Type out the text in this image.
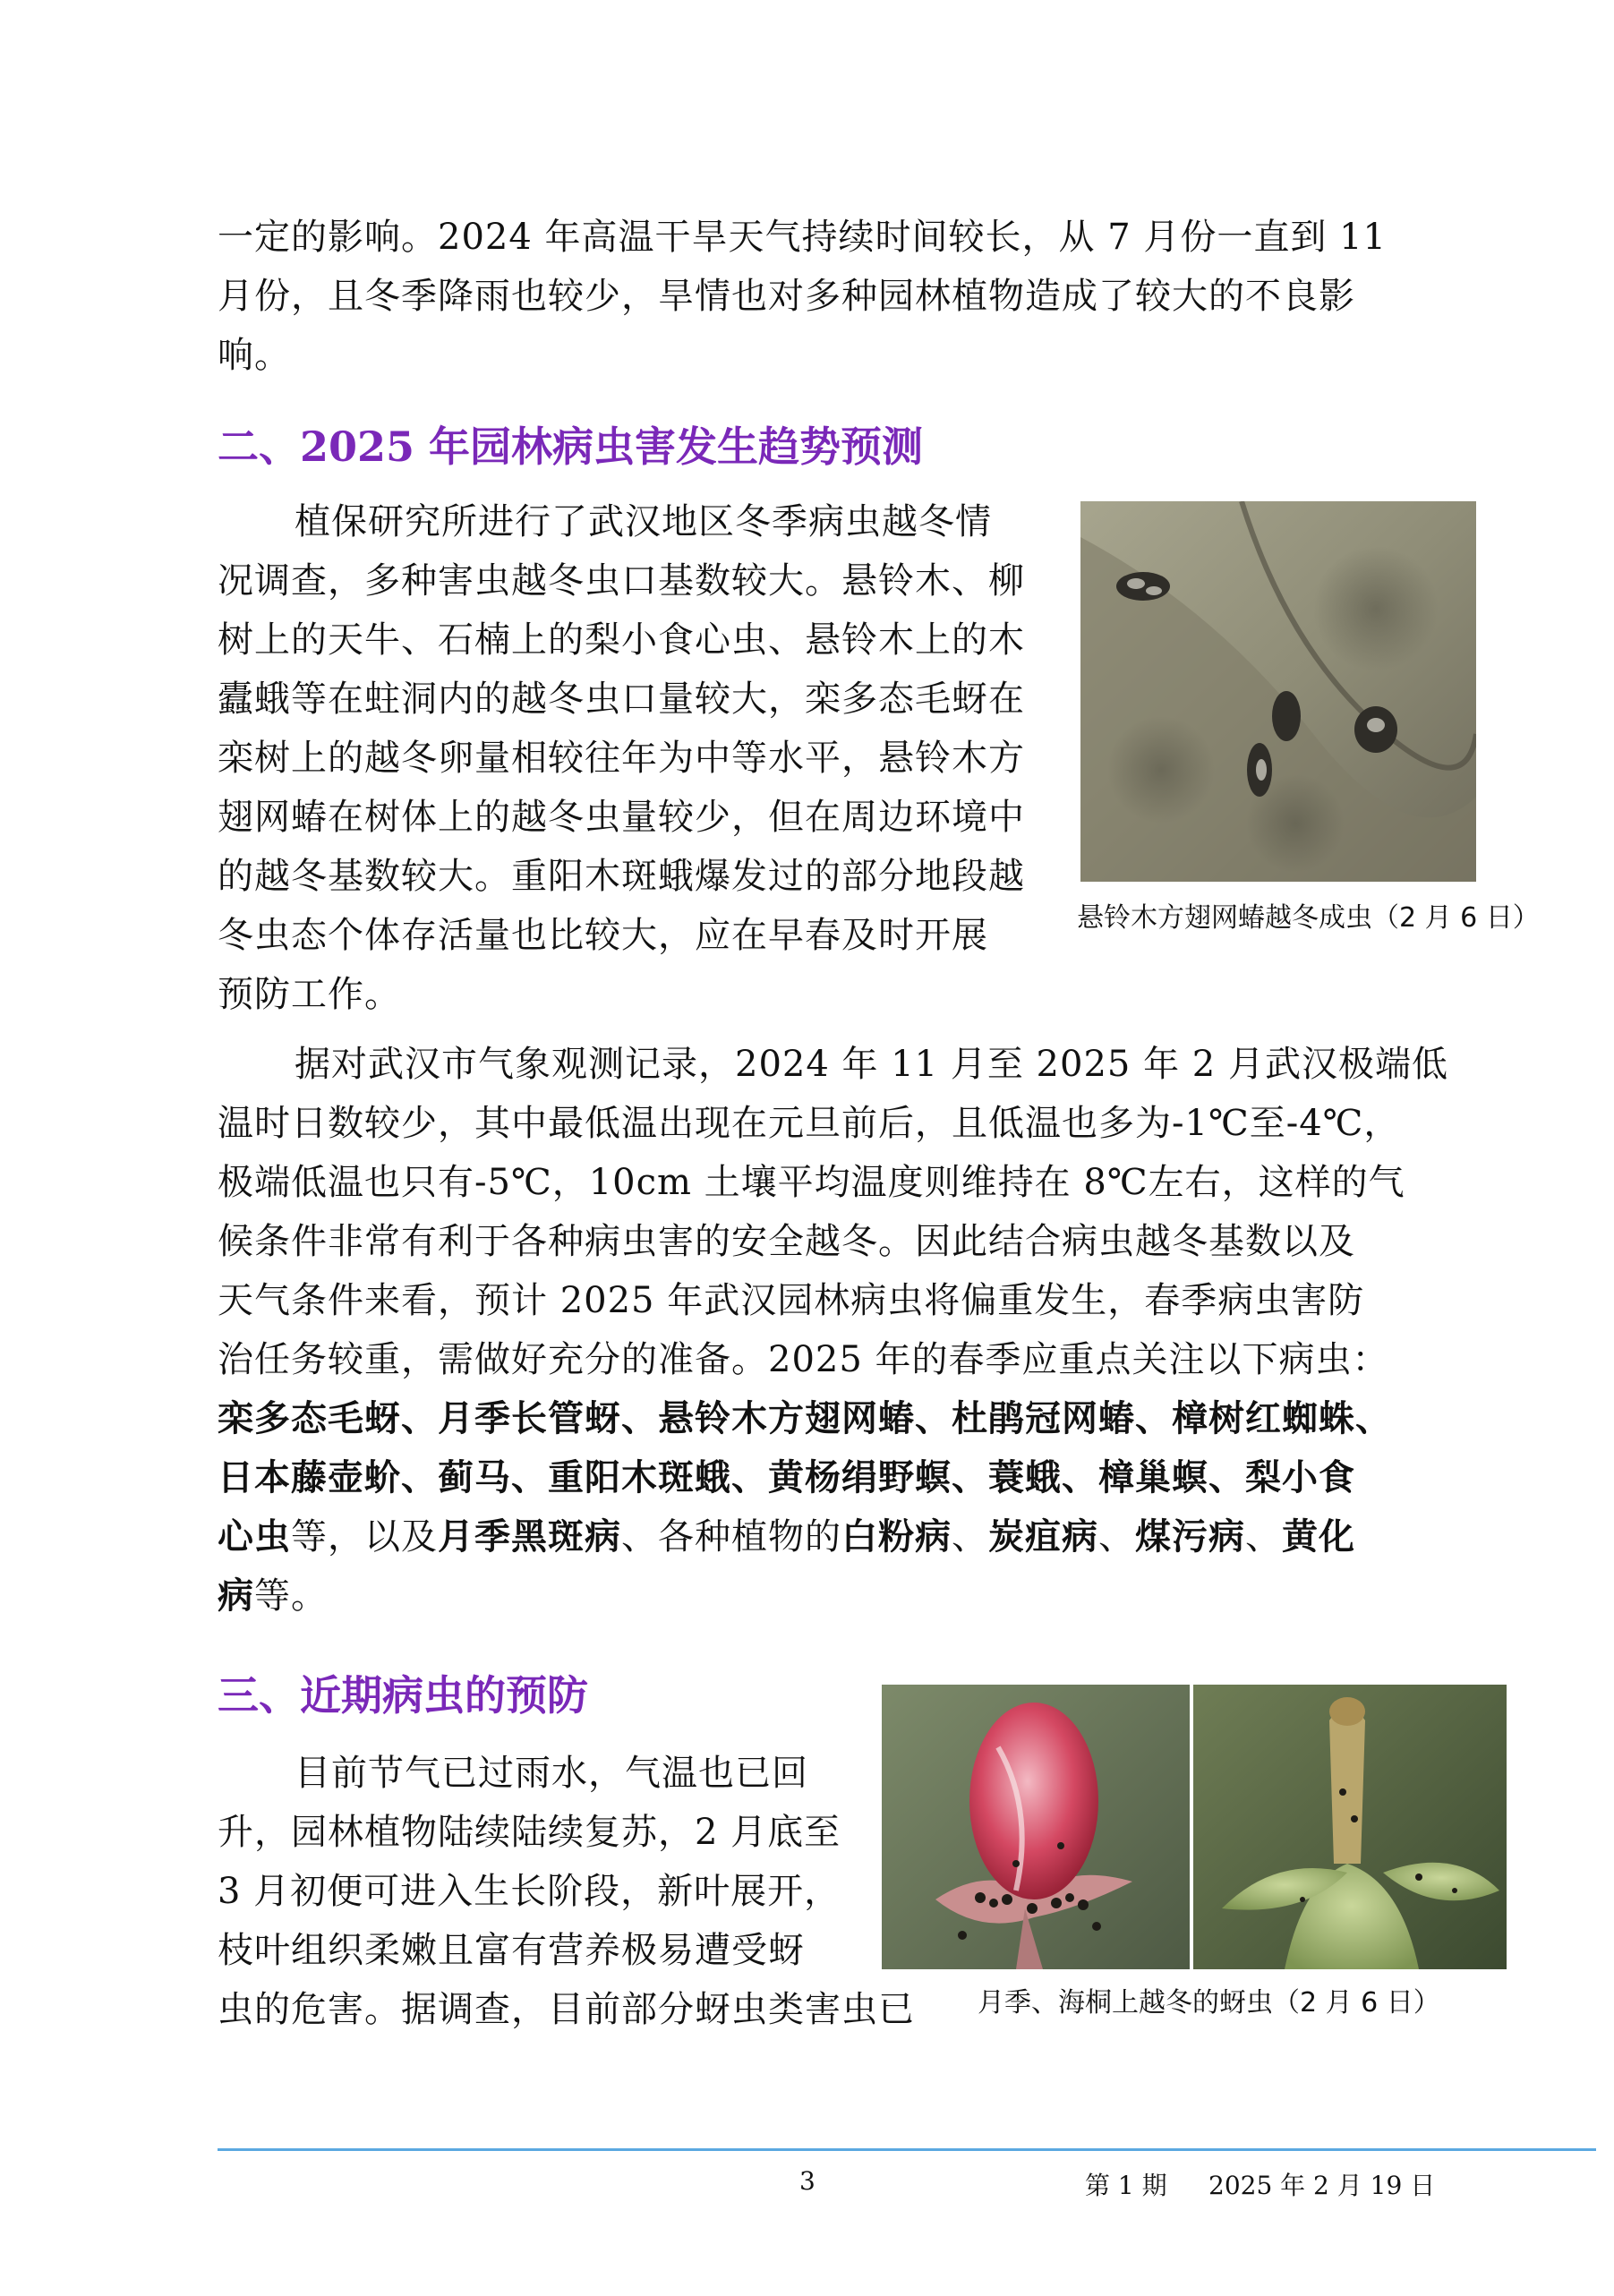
一定的影响。2024 年高温干旱天气持续时间较长，从 7 月份一直到 11
月份，且冬季降雨也较少，旱情也对多种园林植物造成了较大的不良影
响。
二、2025 年园林病虫害发生趋势预测
植保研究所进行了武汉地区冬季病虫越冬情
况调查，多种害虫越冬虫口基数较大。悬铃木、柳
树上的天牛、石楠上的梨小食心虫、悬铃木上的木
蠹蛾等在蛀洞内的越冬虫口量较大，栾多态毛蚜在
栾树上的越冬卵量相较往年为中等水平，悬铃木方
翅网蝽在树体上的越冬虫量较少，但在周边环境中
的越冬基数较大。重阳木斑蛾爆发过的部分地段越
冬虫态个体存活量也比较大，应在早春及时开展
预防工作。
悬铃木方翅网蝽越冬成虫（2 月 6 日）
据对武汉市气象观测记录，2024 年 11 月至 2025 年 2 月武汉极端低
温时日数较少，其中最低温出现在元旦前后，且低温也多为-1℃至-4℃，
极端低温也只有-5℃，10cm 土壤平均温度则维持在 8℃左右，这样的气
候条件非常有利于各种病虫害的安全越冬。因此结合病虫越冬基数以及
天气条件来看，预计 2025 年武汉园林病虫将偏重发生，春季病虫害防
治任务较重，需做好充分的准备。2025 年的春季应重点关注以下病虫：
栾多态毛蚜、月季长管蚜、悬铃木方翅网蝽、杜鹃冠网蝽、樟树红蜘蛛、
日本藤壶蚧、蓟马、重阳木斑蛾、黄杨绢野螟、蓑蛾、樟巢螟、梨小食
心虫等，以及月季黑斑病、各种植物的白粉病、炭疽病、煤污病、黄化
病等。
三、近期病虫的预防
目前节气已过雨水，气温也已回
升，园林植物陆续陆续复苏，2 月底至
3 月初便可进入生长阶段，新叶展开，
枝叶组织柔嫩且富有营养极易遭受蚜
虫的危害。据调查，目前部分蚜虫类害虫已 月季、海桐上越冬的蚜虫（2 月 6 日）
3	第 1 期 2025 年 2 月 19 日
